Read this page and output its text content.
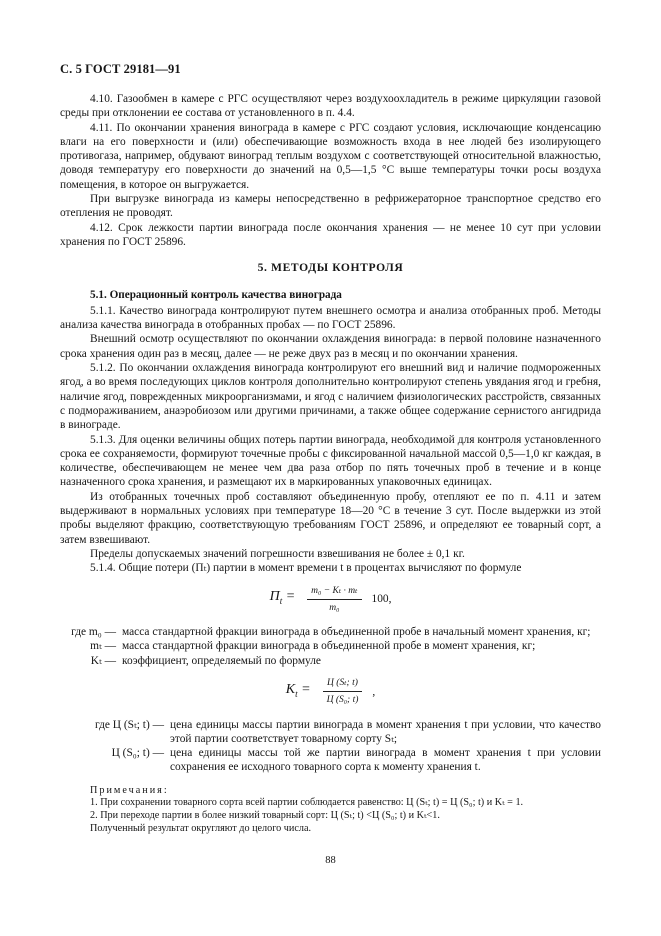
С. 5 ГОСТ 29181—91

4.10. Газообмен в камере с РГС осуществляют через воздухоохладитель в режиме циркуляции газовой среды при отклонении ее состава от установленного в п. 4.4.

4.11. По окончании хранения винограда в камере с РГС создают условия, исключающие конденсацию влаги на его поверхности и (или) обеспечивающие возможность входа в нее людей без изолирующего противогаза, например, обдувают виноград теплым воздухом с соответствующей относительной влажностью, доводя температуру его поверхности до значений на 0,5—1,5 °С выше температуры точки росы воздуха помещения, в которое он выгружается.

При выгрузке винограда из камеры непосредственно в рефрижераторное транспортное средство его отепления не проводят.

4.12. Срок лежкости партии винограда после окончания хранения — не менее 10 сут при условии хранения по ГОСТ 25896.

5. МЕТОДЫ КОНТРОЛЯ
5.1. Операционный контроль качества винограда

5.1.1. Качество винограда контролируют путем внешнего осмотра и анализа отобранных проб. Методы анализа качества винограда в отобранных пробах — по ГОСТ 25896.

Внешний осмотр осуществляют по окончании охлаждения винограда: в первой половине назначенного срока хранения один раз в месяц, далее — не реже двух раз в месяц и по окончании хранения.

5.1.2. По окончании охлаждения винограда контролируют его внешний вид и наличие подмороженных ягод, а во время последующих циклов контроля дополнительно контролируют степень увядания ягод и гребня, наличие ягод, поврежденных микроорганизмами, и ягод с наличием физиологических расстройств, связанных с подмораживанием, анаэробиозом или другими причинами, а также общее содержание сернистого ангидрида в винограде.

5.1.3. Для оценки величины общих потерь партии винограда, необходимой для контроля установленного срока ее сохраняемости, формируют точечные пробы с фиксированной начальной массой 0,5—1,0 кг каждая, в количестве, обеспечивающем не менее чем два раза отбор по пять точечных проб в течение и в конце назначенного срока хранения, и размещают их в маркированных упаковочных единицах.

Из отобранных точечных проб составляют объединенную пробу, отепляют ее по п. 4.11 и затем выдерживают в нормальных условиях при температуре 18—20 °С в течение 3 сут. После выдержки из этой пробы выделяют фракцию, соответствующую требованиям ГОСТ 25896, и определяют ее товарный сорт, а затем взвешивают.

Пределы допускаемых значений погрешности взвешивания не более ± 0,1 кг.

5.1.4. Общие потери (Пₜ) партии в момент времени t в процентах вычисляют по формуле

$П_t = \frac{\text{m₀ − Kₜ · mₜ}}{\text{m₀}} 100$,
где m₀ — масса стандартной фракции винограда в объединенной пробе в начальный момент хранения, кг;
mₜ — масса стандартной фракции винограда в объединенной пробе в момент хранения, кг;
Kₜ — коэффициент, определяемый по формуле
$K_t = \frac{\text{Ц (Sₜ; t)}}{\text{Ц (S₀; t)}}$ ,
где Ц (Sₜ; t) — цена единицы массы партии винограда в момент хранения t при условии, что качество этой партии соответствует товарному сорту Sₜ;
Ц (S₀; t) — цена единицы массы той же партии винограда в момент хранения t при условии сохранения ее исходного товарного сорта к моменту хранения t.

Примечания:

1. При сохранении товарного сорта всей партии соблюдается равенство: Ц (Sₜ; t) = Ц (S₀; t) и Kₜ = 1.

2. При переходе партии в более низкий товарный сорт: Ц (Sₜ; t) <Ц (S₀; t) и Kₜ<1.

Полученный результат округляют до целого числа.

88
